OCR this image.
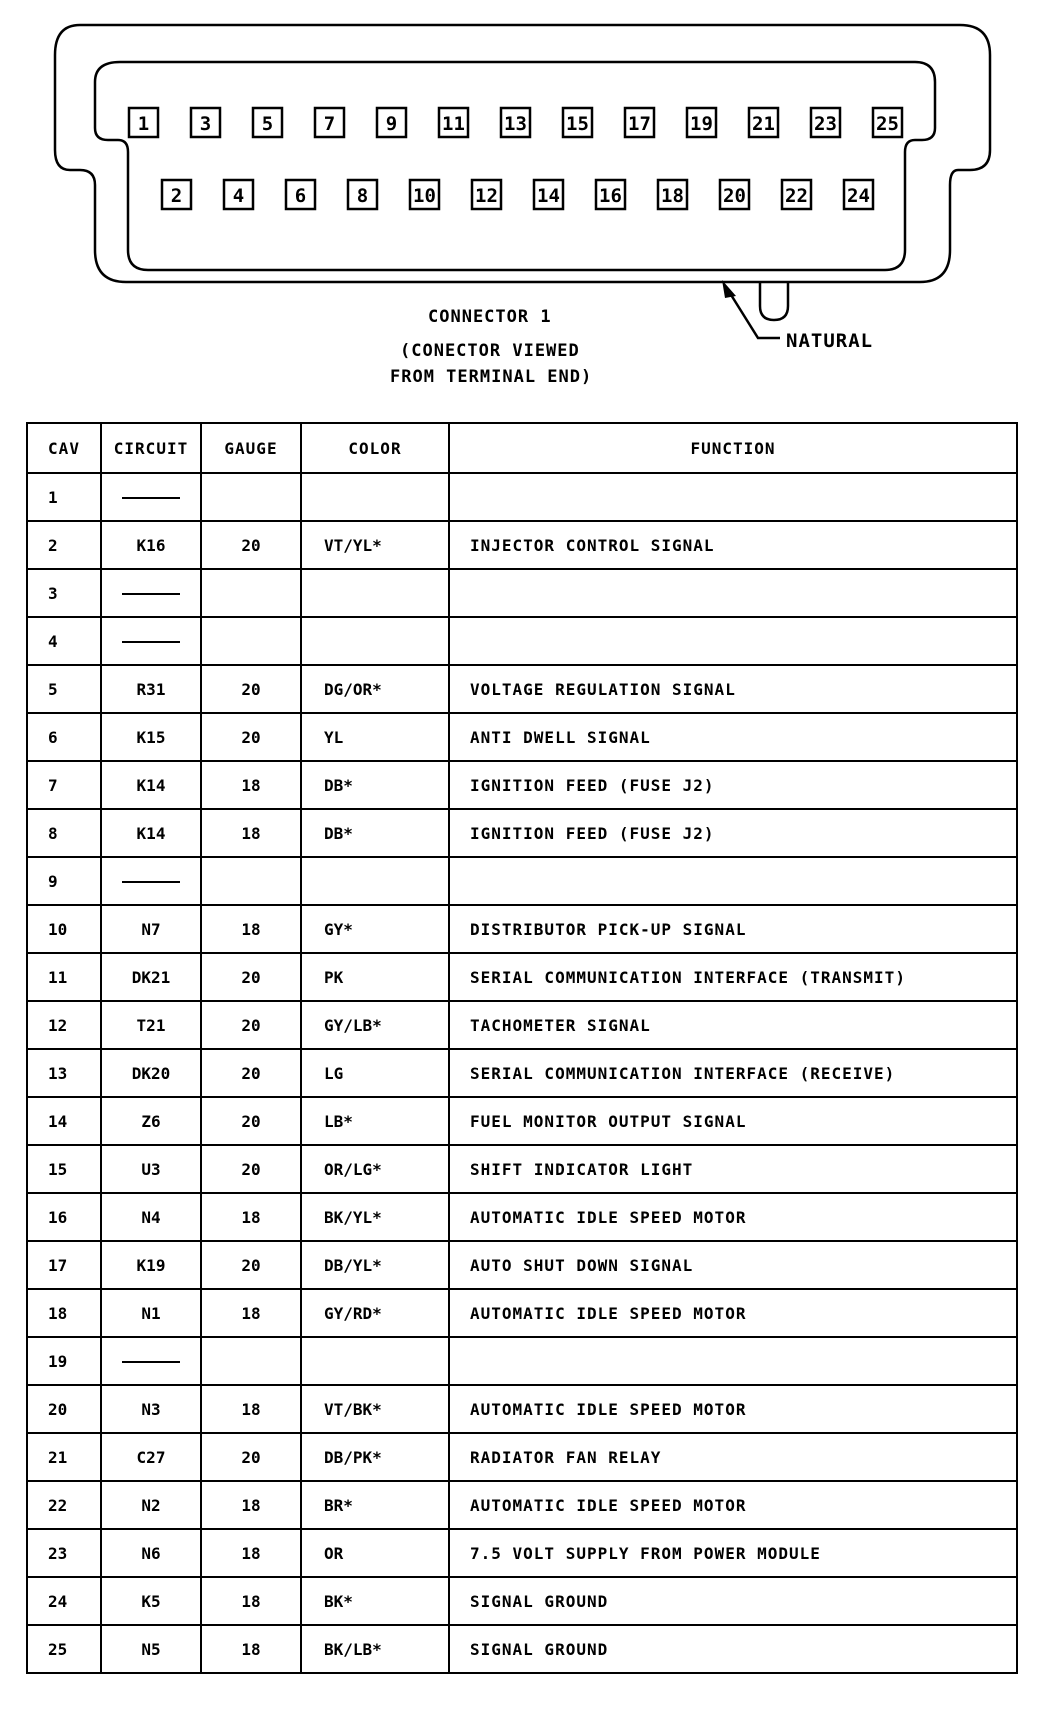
1	3	5	7	9 11 13 15 17 19 21 23 25
2	4	6	8 10 12 14 16 18 20 22 24
CONNECTOR 1
(CONECTOR VIEWED
FROM TERMINAL END)
NATURAL
CAV	CIRCUIT	GAUGE	COLOR	FUNCTION
1				
2	K16	20	VT/YL*	INJECTOR CONTROL SIGNAL
3				
4				
5	R31	20	DG/OR*	VOLTAGE REGULATION SIGNAL
6	K15	20	YL	ANTI DWELL SIGNAL
7	K14	18	DB*	IGNITION FEED (FUSE J2)
8	K14	18	DB*	IGNITION FEED (FUSE J2)
9				
10	N7	18	GY*	DISTRIBUTOR PICK-UP SIGNAL
11	DK21	20	PK	SERIAL COMMUNICATION INTERFACE (TRANSMIT)
12	T21	20	GY/LB*	TACHOMETER SIGNAL
13	DK20	20	LG	SERIAL COMMUNICATION INTERFACE (RECEIVE)
14	Z6	20	LB*	FUEL MONITOR OUTPUT SIGNAL
15	U3	20	OR/LG*	SHIFT INDICATOR LIGHT
16	N4	18	BK/YL*	AUTOMATIC IDLE SPEED MOTOR
17	K19	20	DB/YL*	AUTO SHUT DOWN SIGNAL
18	N1	18	GY/RD*	AUTOMATIC IDLE SPEED MOTOR
19				
20	N3	18	VT/BK*	AUTOMATIC IDLE SPEED MOTOR
21	C27	20	DB/PK*	RADIATOR FAN RELAY
22	N2	18	BR*	AUTOMATIC IDLE SPEED MOTOR
23	N6	18	OR	7.5 VOLT SUPPLY FROM POWER MODULE
24	K5	18	BK*	SIGNAL GROUND
25	N5	18	BK/LB*	SIGNAL GROUND
